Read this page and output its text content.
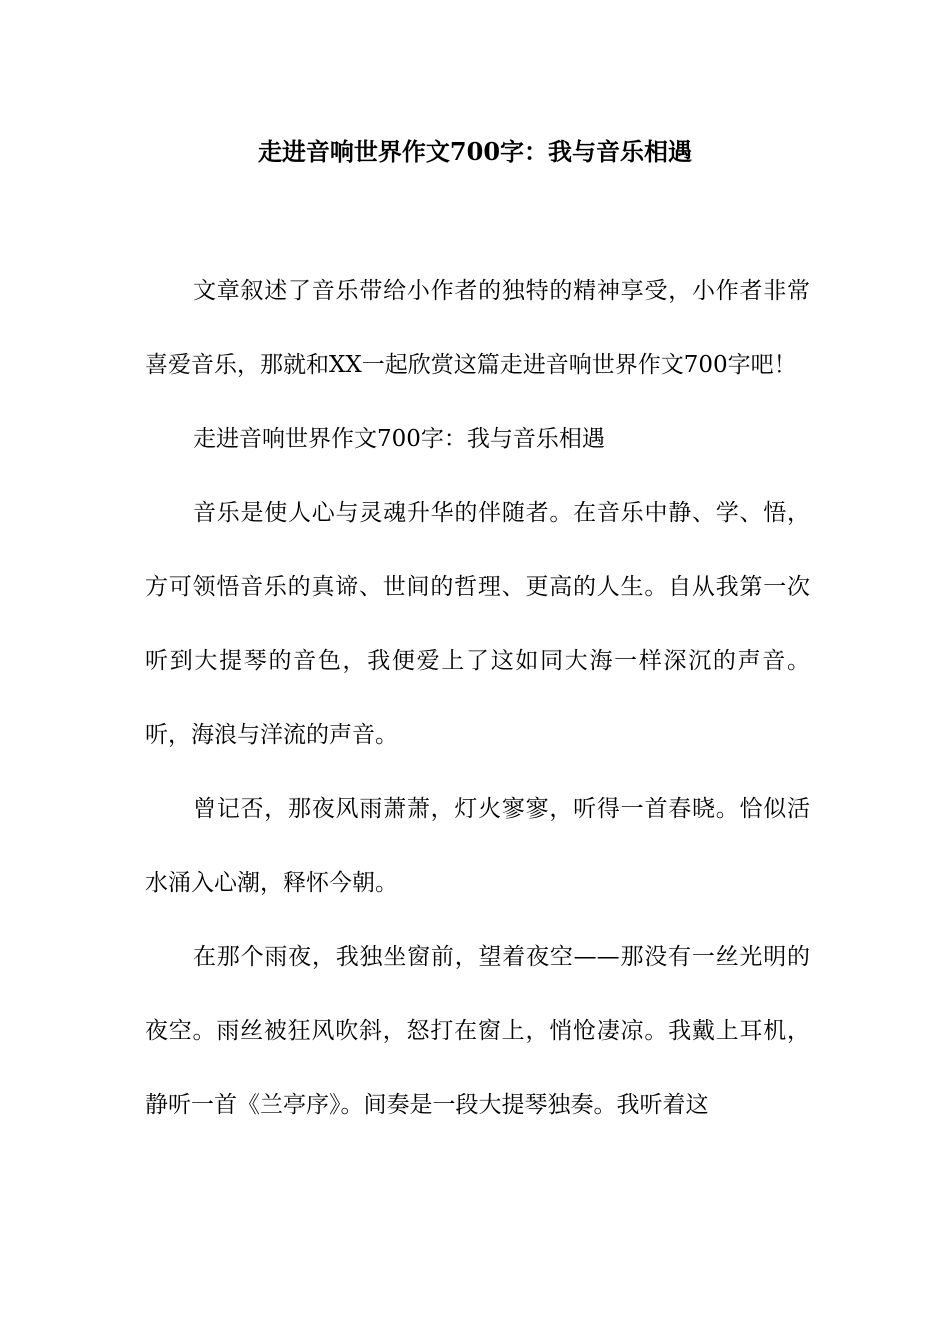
走进音响世界作文700字：我与音乐相遇

文章叙述了音乐带给小作者的独特的精神享受，小作者非常喜爱音乐，那就和XX一起欣赏这篇走进音响世界作文700字吧！

走进音响世界作文700字：我与音乐相遇

音乐是使人心与灵魂升华的伴随者。在音乐中静、学、悟，方可领悟音乐的真谛、世间的哲理、更高的人生。自从我第一次听到大提琴的音色，我便爱上了这如同大海一样深沉的声音。听，海浪与洋流的声音。

曾记否，那夜风雨萧萧，灯火寥寥，听得一首春晓。恰似活水涌入心潮，释怀今朝。

在那个雨夜，我独坐窗前，望着夜空——那没有一丝光明的夜空。雨丝被狂风吹斜，怒打在窗上，悄怆凄凉。我戴上耳机，静听一首《兰亭序》。间奏是一段大提琴独奏。我听着这
